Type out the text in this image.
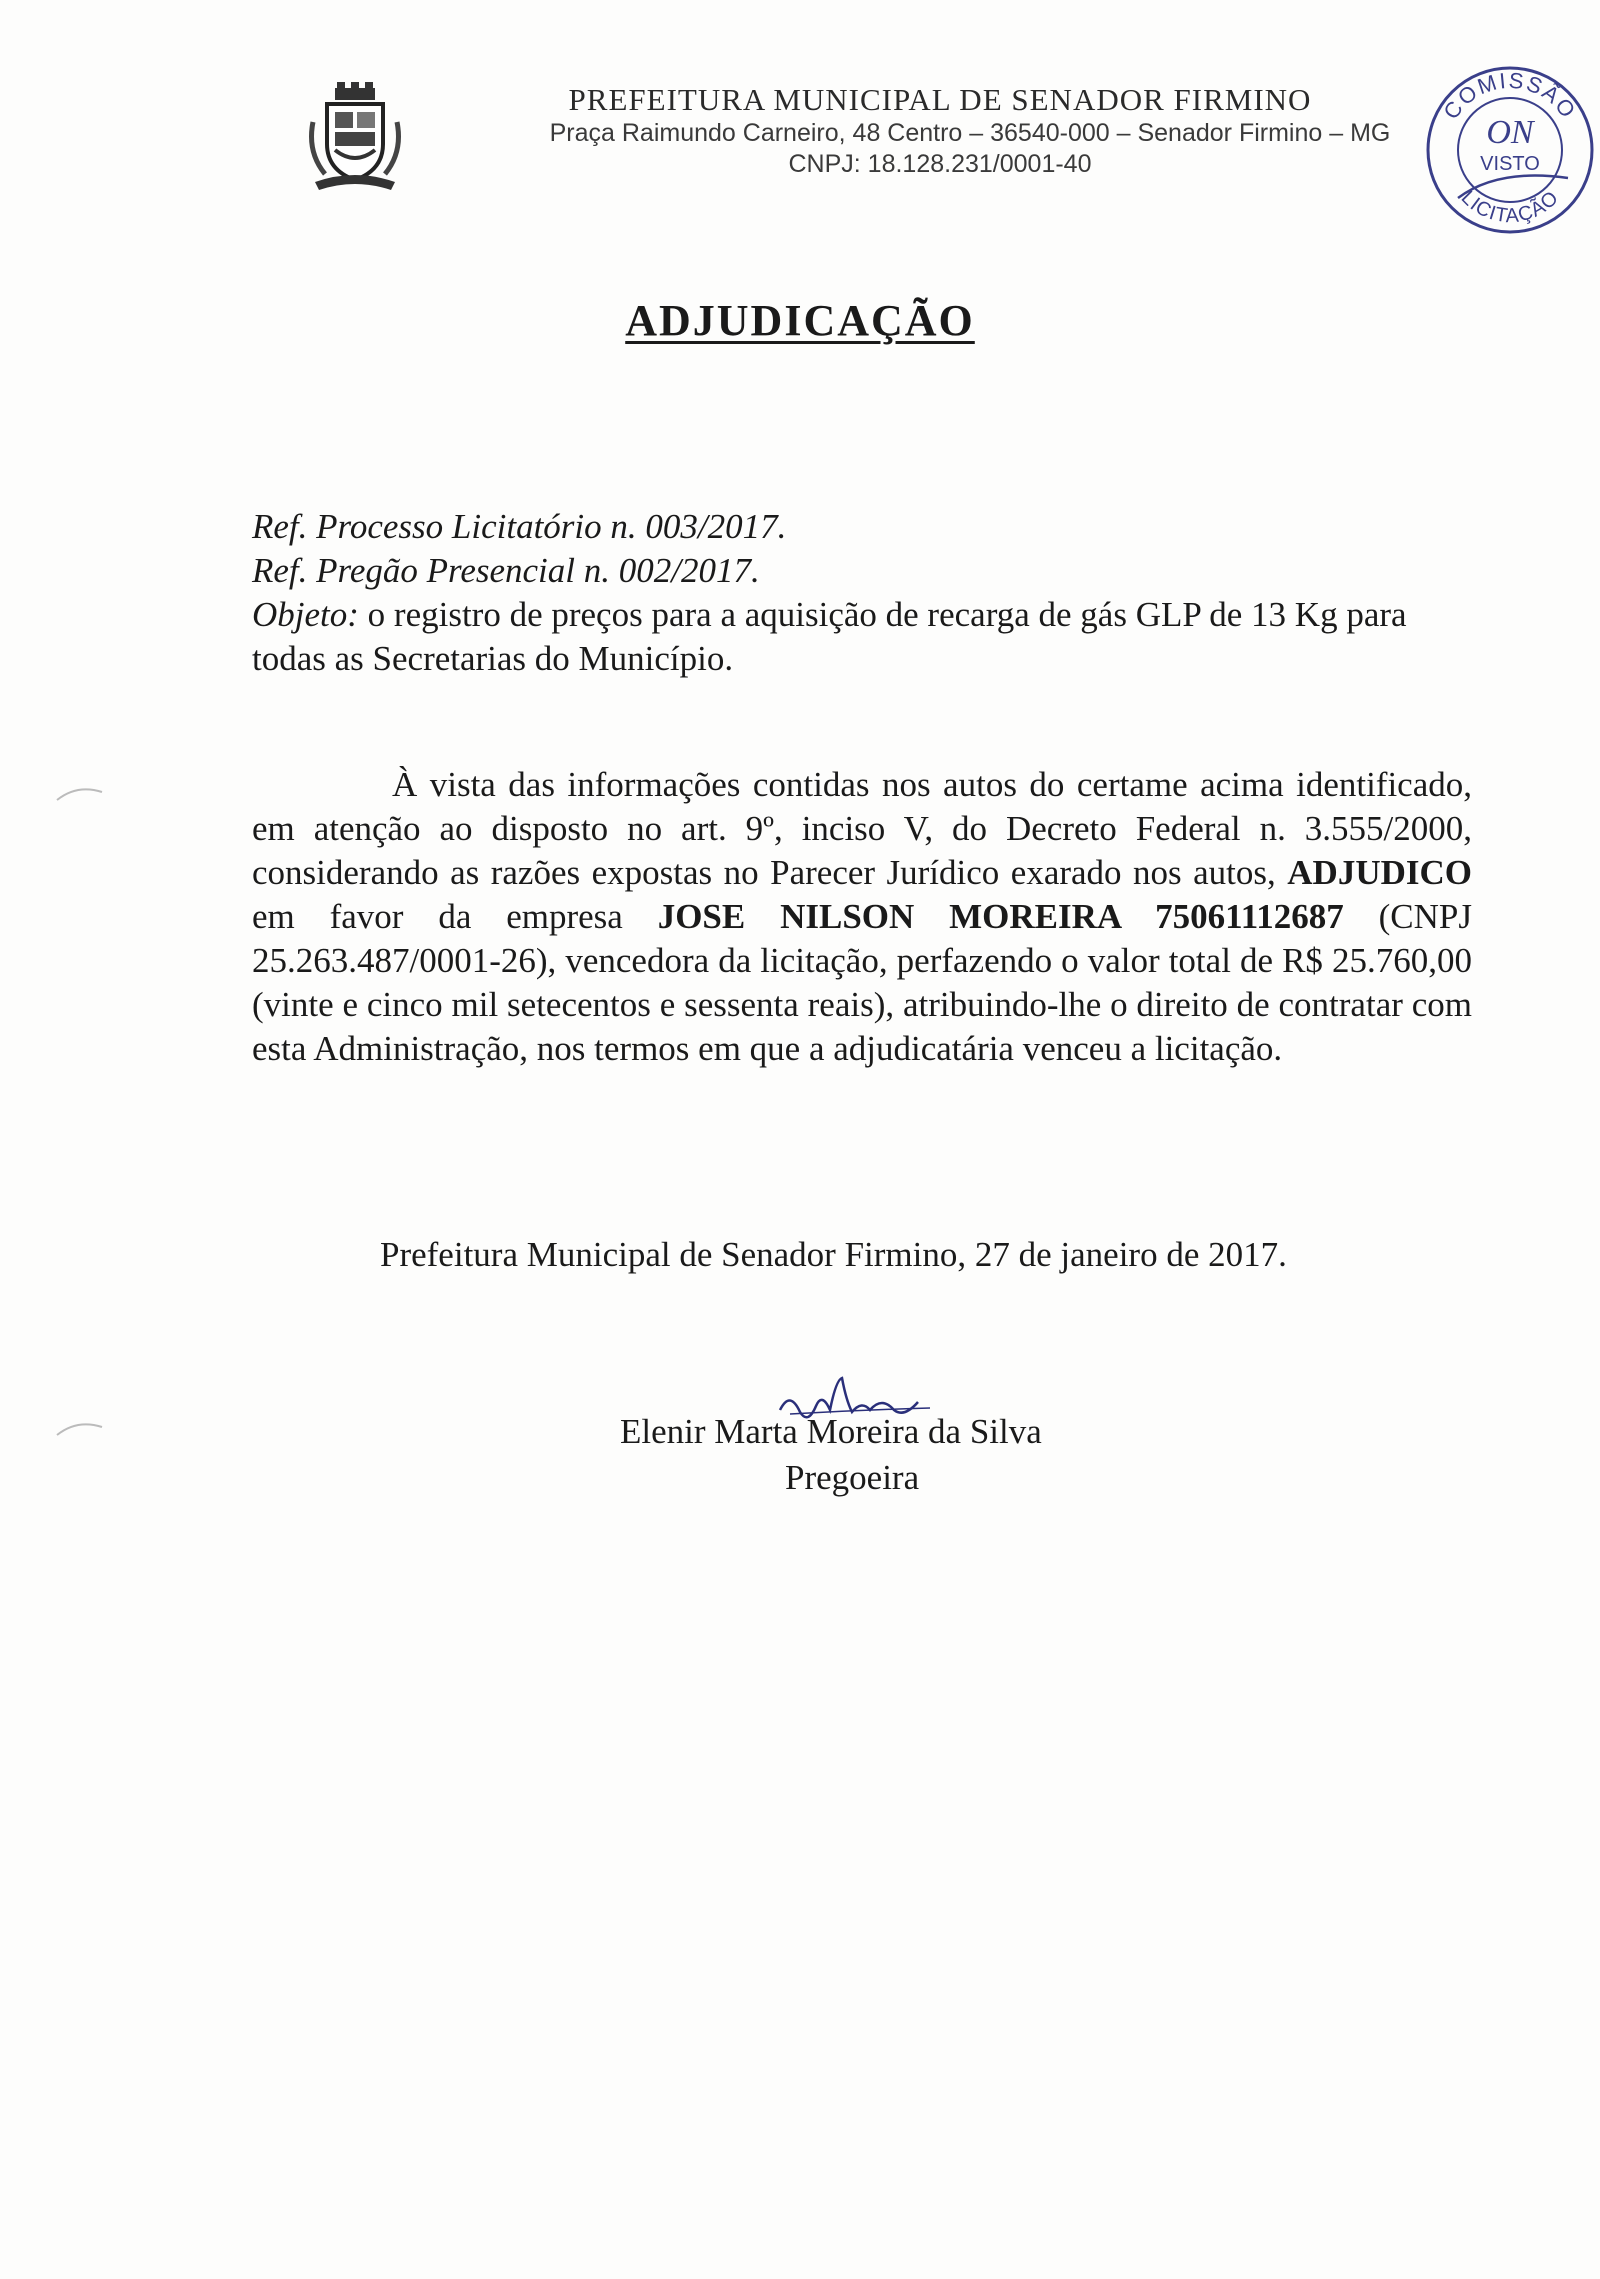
PREFEITURA MUNICIPAL DE SENADOR FIRMINO
Praça Raimundo Carneiro, 48 Centro – 36540-000 – Senador Firmino – MG
CNPJ: 18.128.231/0001-40
COMISSÃO
LICITAÇÃO
VISTO
ON
ADJUDICAÇÃO
Ref. Processo Licitatório n. 003/2017.
Ref. Pregão Presencial n. 002/2017.
Objeto: o registro de preços para a aquisição de recarga de gás GLP de 13 Kg para todas as Secretarias do Município.
À vista das informações contidas nos autos do certame acima identificado, em atenção ao disposto no art. 9º, inciso V, do Decreto Federal n. 3.555/2000, considerando as razões expostas no Parecer Jurídico exarado nos autos, ADJUDICO em favor da empresa JOSE NILSON MOREIRA 75061112687 (CNPJ 25.263.487/0001-26), vencedora da licitação, perfazendo o valor total de R$ 25.760,00 (vinte e cinco mil setecentos e sessenta reais), atribuindo-lhe o direito de contratar com esta Administração, nos termos em que a adjudicatária venceu a licitação.
Prefeitura Municipal de Senador Firmino, 27 de janeiro de 2017.
Elenir Marta Moreira da Silva
Pregoeira
